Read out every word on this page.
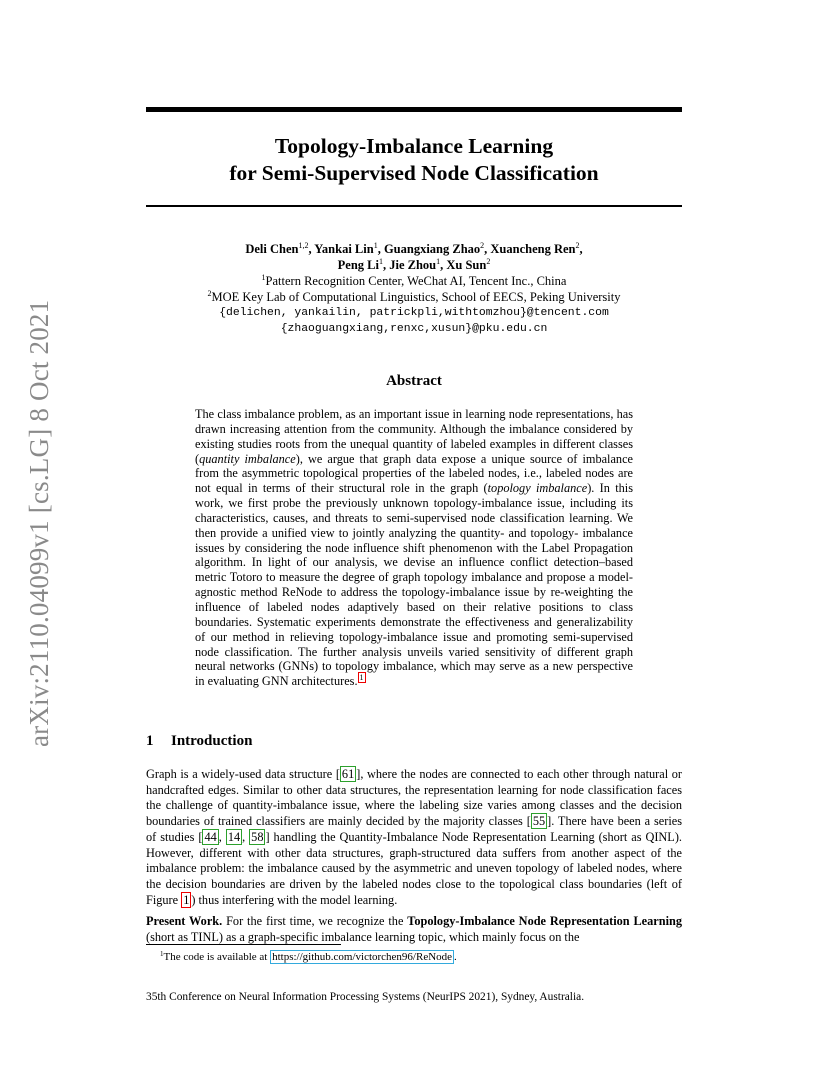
arXiv:2110.04099v1 [cs.LG] 8 Oct 2021
Topology-Imbalance Learning
for Semi-Supervised Node Classification
Deli Chen$^{1,2}$, Yankai Lin$^1$, Guangxiang Zhao$^2$, Xuancheng Ren$^2$,
Peng Li$^1$, Jie Zhou$^1$, Xu Sun$^2$
$^1$Pattern Recognition Center, WeChat AI, Tencent Inc., China
$^2$MOE Key Lab of Computational Linguistics, School of EECS, Peking University
{delichen, yankailin, patrickpli,withtomzhou}@tencent.com
{zhaoguangxiang,renxc,xusun}@pku.edu.cn
Abstract

The class imbalance problem, as an important issue in learning node representations, has drawn increasing attention from the community. Although the imbalance considered by existing studies roots from the unequal quantity of labeled examples in different classes (quantity imbalance), we argue that graph data expose a unique source of imbalance from the asymmetric topological properties of the labeled nodes, i.e., labeled nodes are not equal in terms of their structural role in the graph (topology imbalance). In this work, we first probe the previously unknown topology-imbalance issue, including its characteristics, causes, and threats to semi-supervised node classification learning. We then provide a unified view to jointly analyzing the quantity- and topology- imbalance issues by considering the node influence shift phenomenon with the Label Propagation algorithm. In light of our analysis, we devise an influence conflict detection–based metric Totoro to measure the degree of graph topology imbalance and propose a model-agnostic method ReNode to address the topology-imbalance issue by re-weighting the influence of labeled nodes adaptively based on their relative positions to class boundaries. Systematic experiments demonstrate the effectiveness and generalizability of our method in relieving topology-imbalance issue and promoting semi-supervised node classification. The further analysis unveils varied sensitivity of different graph neural networks (GNNs) to topology imbalance, which may serve as a new perspective in evaluating GNN architectures. $^1$

1 Introduction

Graph is a widely-used data structure [ 61 ], where the nodes are connected to each other through natural or handcrafted edges. Similar to other data structures, the representation learning for node classification faces the challenge of quantity-imbalance issue, where the labeling size varies among classes and the decision boundaries of trained classifiers are mainly decided by the majority classes [ 55 ]. There have been a series of studies [ 44 , 14 , 58 ] handling the Quantity-Imbalance Node Representation Learning (short as QINL). However, different with other data structures, graph-structured data suffers from another aspect of the imbalance problem: the imbalance caused by the asymmetric and uneven topology of labeled nodes, where the decision boundaries are driven by the labeled nodes close to the topological class boundaries (left of Figure 1 ) thus interfering with the model learning.

Present Work. For the first time, we recognize the Topology-Imbalance Node Representation Learning (short as TINL) as a graph-specific imbalance learning topic, which mainly focus on the

$^1$The code is available at https://github.com/victorchen96/ReNode .
35th Conference on Neural Information Processing Systems (NeurIPS 2021), Sydney, Australia.
